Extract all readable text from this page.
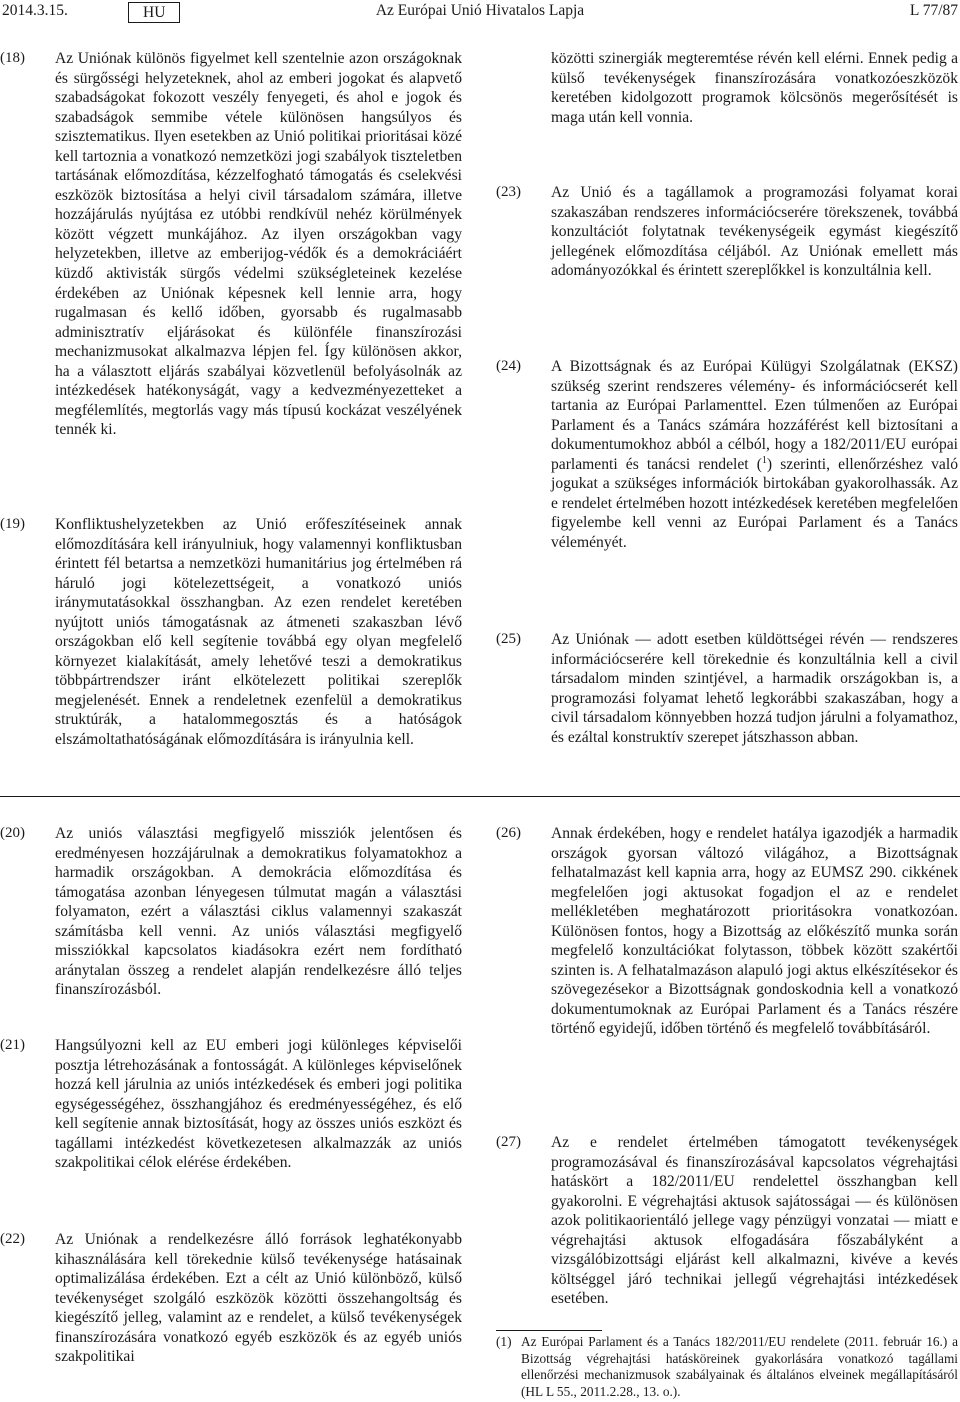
2014.3.15.	HU	Az Európai Unió Hivatalos Lapja	L 77/87
(18)	Az Uniónak különös figyelmet kell szentelnie azon országoknak és sürgősségi helyzeteknek, ahol az emberi jogokat és alapvető szabadságokat fokozott veszély fenyegeti, és ahol e jogok és szabadságok semmibe vétele különösen hangsúlyos és szisztematikus. Ilyen esetekben az Unió politikai prioritásai közé kell tartoznia a vonatkozó nemzetközi jogi szabályok tiszteletben tartásának előmozdítása, kézzelfogható támogatás és cselekvési eszközök biztosítása a helyi civil társadalom számára, illetve hozzájárulás nyújtása ez utóbbi rendkívül nehéz körülmények között végzett munkájához. Az ilyen országokban vagy helyzetekben, illetve az emberijog-védők és a demokráciáért küzdő aktivisták sürgős védelmi szükségleteinek kezelése érdekében az Uniónak képesnek kell lennie arra, hogy rugalmasan és kellő időben, gyorsabb és rugalmasabb adminisztratív eljárásokat és különféle finanszírozási mechanizmusokat alkalmazva lépjen fel. Így különösen akkor, ha a választott eljárás szabályai közvetlenül befolyásolnák az intézkedések hatékonyságát, vagy a kedvezményezetteket a megfélemlítés, megtorlás vagy más típusú kockázat veszélyének tennék ki.
(19)	Konfliktushelyzetekben az Unió erőfeszítéseinek annak előmozdítására kell irányulniuk, hogy valamennyi konfliktusban érintett fél betartsa a nemzetközi humanitárius jog értelmében rá háruló jogi kötelezettségeit, a vonatkozó uniós iránymutatásokkal összhangban. Az ezen rendelet keretében nyújtott uniós támogatásnak az átmeneti szakaszban lévő országokban elő kell segítenie továbbá egy olyan megfelelő környezet kialakítását, amely lehetővé teszi a demokratikus többpártrendszer iránt elkötelezett politikai szereplők megjelenését. Ennek a rendeletnek ezenfelül a demokratikus struktúrák, a hatalommegosztás és a hatóságok elszámoltathatóságának előmozdítására is irányulnia kell.

közötti szinergiák megteremtése révén kell elérni. Ennek pedig a külső tevékenységek finanszírozására vonatkozóeszközök keretében kidolgozott programok kölcsönös megerősítését is maga után kell vonnia.

(23)	Az Unió és a tagállamok a programozási folyamat korai szakaszában rendszeres információcserére törekszenek, továbbá konzultációt folytatnak tevékenységeik egymást kiegészítő jellegének előmozdítása céljából. Az Uniónak emellett más adományozókkal és érintett szereplőkkel is konzultálnia kell.
(24)	A Bizottságnak és az Európai Külügyi Szolgálatnak (EKSZ) szükség szerint rendszeres vélemény- és információcserét kell tartania az Európai Parlamenttel. Ezen túlmenően az Európai Parlament és a Tanács számára hozzáférést kell biztosítani a dokumentumokhoz abból a célból, hogy a 182/2011/EU európai parlamenti és tanácsi rendelet ($^1$) szerinti, ellenőrzéshez való jogukat a szükséges információk birtokában gyakorolhassák. Az e rendelet értelmében hozott intézkedések keretében megfelelően figyelembe kell venni az Európai Parlament és a Tanács véleményét.
(25)	Az Uniónak — adott esetben küldöttségei révén — rendszeres információcserére kell törekednie és konzultálnia kell a civil társadalom minden szintjével, a harmadik országokban is, a programozási folyamat lehető legkorábbi szakaszában, hogy a civil társadalom könnyebben hozzá tudjon járulni a folyamathoz, és ezáltal konstruktív szerepet játszhasson abban.
(20)	Az uniós választási megfigyelő missziók jelentősen és eredményesen hozzájárulnak a demokratikus folyamatokhoz a harmadik országokban. A demokrácia előmozdítása és támogatása azonban lényegesen túlmutat magán a választási folyamaton, ezért a választási ciklus valamennyi szakaszát számításba kell venni. Az uniós választási megfigyelő missziókkal kapcsolatos kiadásokra ezért nem fordítható aránytalan összeg a rendelet alapján rendelkezésre álló teljes finanszírozásból.
(21)	Hangsúlyozni kell az EU emberi jogi különleges képviselői posztja létrehozásának a fontosságát. A különleges képviselőnek hozzá kell járulnia az uniós intézkedések és emberi jogi politika egységességéhez, összhangjához és eredményességéhez, és elő kell segítenie annak biztosítását, hogy az összes uniós eszközt és tagállami intézkedést következetesen alkalmazzák az uniós szakpolitikai célok elérése érdekében.
(22)	Az Uniónak a rendelkezésre álló források leghatékonyabb kihasználására kell törekednie külső tevékenysége hatásainak optimalizálása érdekében. Ezt a célt az Unió különböző, külső tevékenységet szolgáló eszközök közötti összehangoltság és kiegészítő jelleg, valamint az e rendelet, a külső tevékenységek finanszírozására vonatkozó egyéb eszközök és az egyéb uniós szakpolitikai
(26)	Annak érdekében, hogy e rendelet hatálya igazodjék a harmadik országok gyorsan változó világához, a Bizottságnak felhatalmazást kell kapnia arra, hogy az EUMSZ 290. cikkének megfelelően jogi aktusokat fogadjon el az e rendelet mellékletében meghatározott prioritásokra vonatkozóan. Különösen fontos, hogy a Bizottság az előkészítő munka során megfelelő konzultációkat folytasson, többek között szakértői szinten is. A felhatalmazáson alapuló jogi aktus elkészítésekor és szövegezésekor a Bizottságnak gondoskodnia kell a vonatkozó dokumentumoknak az Európai Parlament és a Tanács részére történő egyidejű, időben történő és megfelelő továbbításáról.
(27)	Az e rendelet értelmében támogatott tevékenységek programozásával és finanszírozásával kapcsolatos végrehajtási hatáskört a 182/2011/EU rendelettel összhangban kell gyakorolni. E végrehajtási aktusok sajátosságai — és különösen azok politikaorientáló jellege vagy pénzügyi vonzatai — miatt e végrehajtási aktusok elfogadására főszabályként a vizsgálóbizottsági eljárást kell alkalmazni, kivéve a kevés költséggel járó technikai jellegű végrehajtási intézkedések esetében.
(1) Az Európai Parlament és a Tanács 182/2011/EU rendelete (2011. február 16.) a Bizottság végrehajtási hatásköreinek gyakorlására vonatkozó tagállami ellenőrzési mechanizmusok szabályainak és általános elveinek megállapításáról (HL L 55., 2011.2.28., 13. o.).
